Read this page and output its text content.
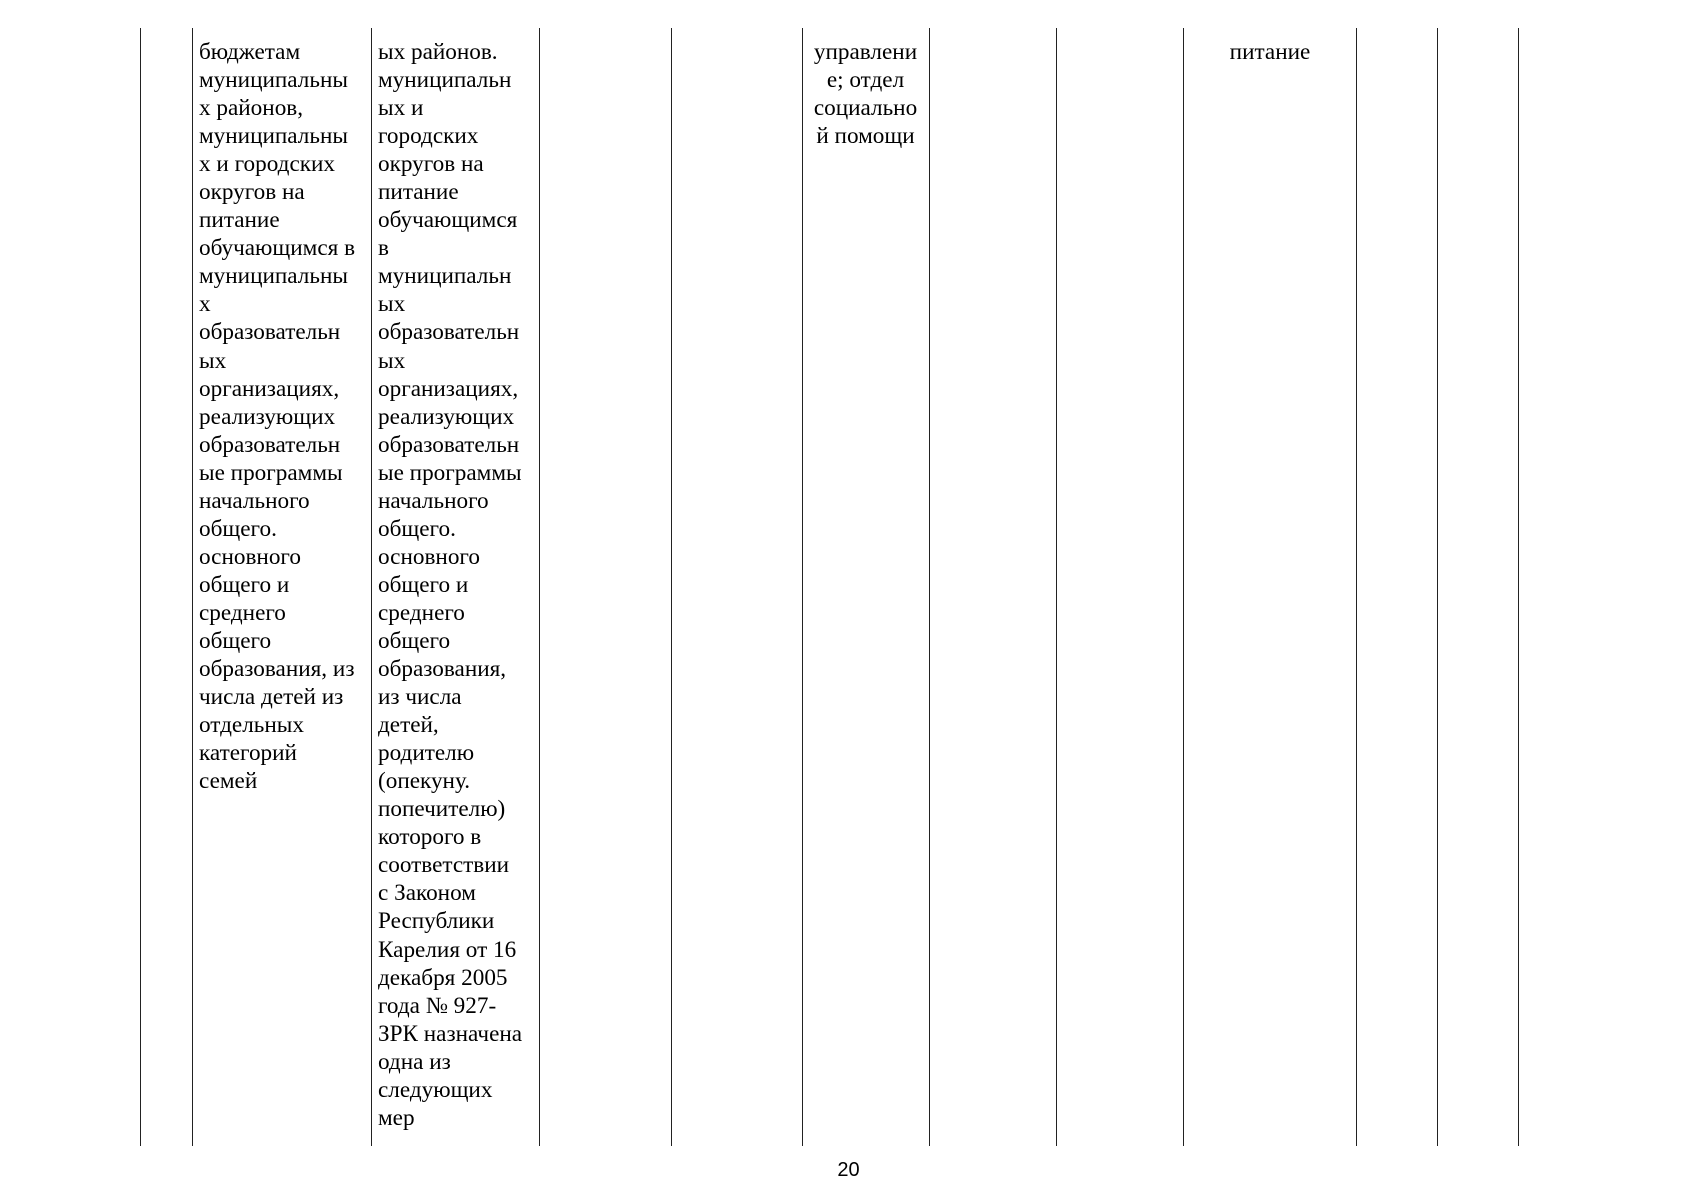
бюджетам
муниципальны
х районов,
муниципальны
х и городских
округов на
питание
обучающимся в
муниципальны
х
образовательн
ых
организациях,
реализующих
образовательн
ые программы
начального
общего.
основного
общего и
среднего
общего
образования, из
числа детей из
отдельных
категорий
семей
ых районов.
муниципальн
ых и
городских
округов на
питание
обучающимся
в
муниципальн
ых
образовательн
ых
организациях,
реализующих
образовательн
ые программы
начального
общего.
основного
общего и
среднего
общего
образования,
из числа
детей,
родителю
(опекуну.
попечителю)
которого в
соответствии
с Законом
Республики
Карелия от 16
декабря 2005
года № 927-
ЗРК назначена
одна из
следующих
мер
управлени
е; отдел
социально
й помощи
питание
20
